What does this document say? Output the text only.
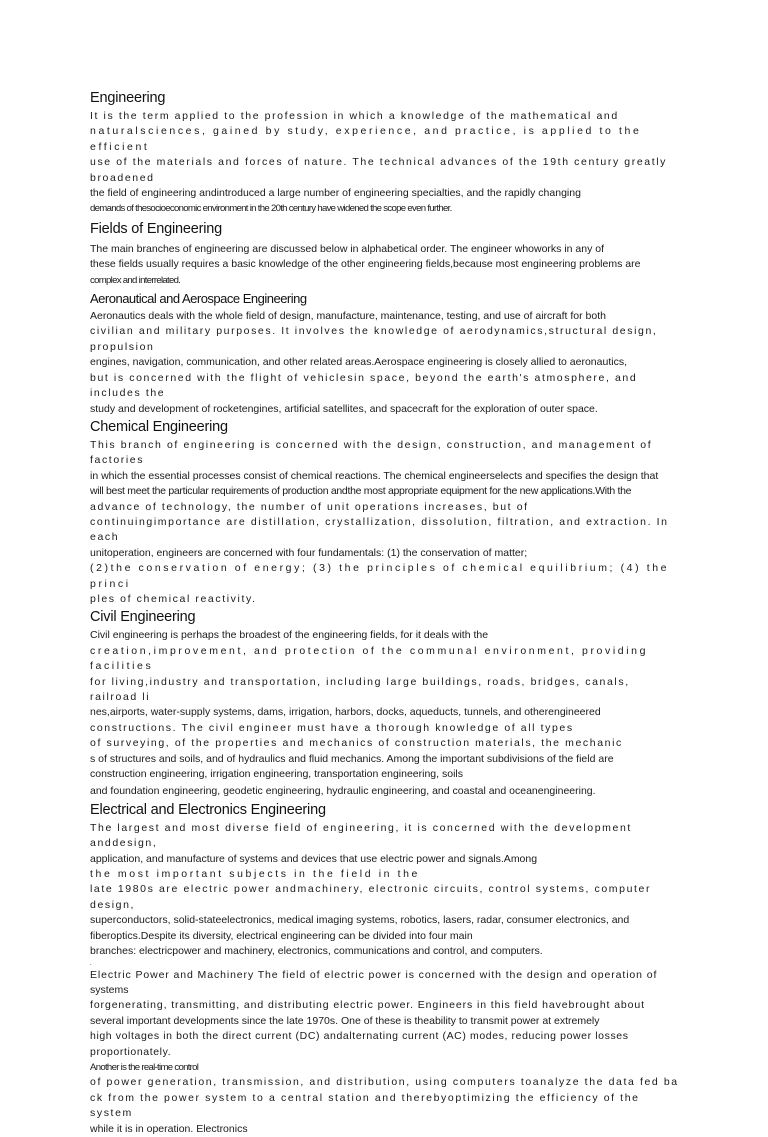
Engineering

It is the term applied to the profession in which a knowledge of the mathematical and

naturalsciences, gained by study, experience, and practice, is applied to the efficient

use of the materials and forces of nature. The technical advances of the 19th century greatly broadened

the field of engineering andintroduced a large number of engineering specialties, and the rapidly changing

demands of thesocioeconomic environment in the 20th century have widened the scope even further.

Fields of Engineering

The main branches of engineering are discussed below in alphabetical order. The engineer whoworks in any of

these fields usually requires a basic knowledge of the other engineering fields,because most engineering problems are

complex and interrelated.

Aeronautical and Aerospace Engineering

Aeronautics deals with the whole field of design, manufacture, maintenance, testing, and use of aircraft for both

civilian and military purposes. It involves the knowledge of aerodynamics,structural design, propulsion

engines, navigation, communication, and other related areas.Aerospace engineering is closely allied to aeronautics,

but is concerned with the flight of vehiclesin space, beyond the earth's atmosphere, and includes the

study and development of rocketengines, artificial satellites, and spacecraft for the exploration of outer space.

Chemical Engineering

This branch of engineering is concerned with the design, construction, and management of factories

in which the essential processes consist of chemical reactions. The chemical engineerselects and specifies the design that

will best meet the particular requirements of production andthe most appropriate equipment for the new applications.With the

advance of technology, the number of unit operations increases, but of

continuingimportance are distillation, crystallization, dissolution, filtration, and extraction. In each

unitoperation, engineers are concerned with four fundamentals: (1) the conservation of matter;

(2)the conservation of energy; (3) the principles of chemical equilibrium; (4) the princi

ples of chemical reactivity.

Civil Engineering

Civil engineering is perhaps the broadest of the engineering fields, for it deals with the

creation,improvement, and protection of the communal environment, providing facilities

for living,industry and transportation, including large buildings, roads, bridges, canals, railroad li

nes,airports, water-supply systems, dams, irrigation, harbors, docks, aqueducts, tunnels, and otherengineered

constructions. The civil engineer must have a thorough knowledge of all types

of surveying, of the properties and mechanics of construction materials, the mechanic

s of structures and soils, and of hydraulics and fluid mechanics. Among the important subdivisions of the field are

construction engineering, irrigation engineering, transportation engineering, soils

and foundation engineering, geodetic engineering, hydraulic engineering, and coastal and oceanengineering.

Electrical and Electronics Engineering

The largest and most diverse field of engineering, it is concerned with the development anddesign,

application, and manufacture of systems and devices that use electric power and signals.Among

the most important subjects in the field in the

late 1980s are electric power andmachinery, electronic circuits, control systems, computer design,

superconductors, solid-stateelectronics, medical imaging systems, robotics, lasers, radar, consumer electronics, and

fiberoptics.Despite its diversity, electrical engineering can be divided into four main

branches: electricpower and machinery, electronics, communications and control, and computers.

.

Electric Power and Machinery The field of electric power is concerned with the design and operation of

systems

forgenerating, transmitting, and distributing electric power. Engineers in this field havebrought about

several important developments since the late 1970s. One of these is theability to transmit power at extremely

high voltages in both the direct current (DC) andalternating current (AC) modes, reducing power losses proportionately.

Another is the real-time control

of power generation, transmission, and distribution, using computers toanalyze the data fed ba

ck from the power system to a central station and therebyoptimizing the efficiency of the system

while it is in operation. Electronics
